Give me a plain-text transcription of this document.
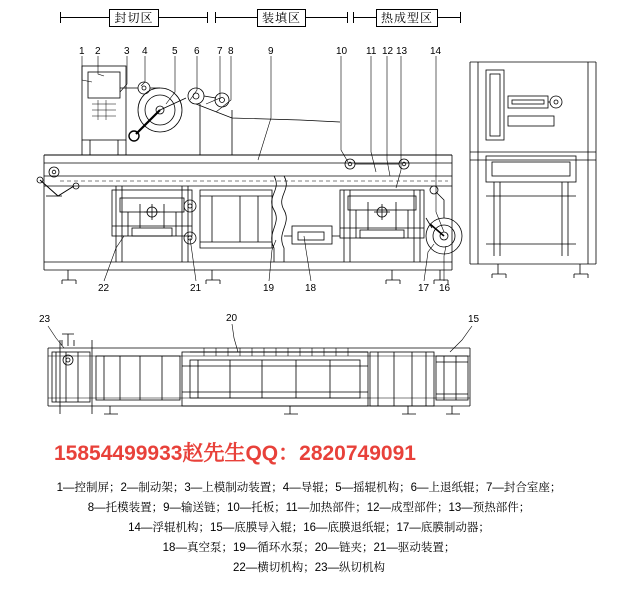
封切区	装填区	热成型区
1 2 3 4 5 6 7 8	9	10 11 12 13 14
22	21	19	18	17 16
23	20	15
15854499933赵先生QQ：2820749091
1—控制屏；2—制动架；3—上模制动装置；4—导辊；5—摇辊机构；6—上退纸辊；7—封合室座；
8—托模装置；9—输送链；10—托板；11—加热部件；12—成型部件；13—预热部件；
14—浮辊机构；15—底膜导入辊；16—底膜退纸辊；17—底膜制动器；
18—真空泵；19—循环水泵；20—链夹；21—驱动装置；
22—横切机构；23—纵切机构
